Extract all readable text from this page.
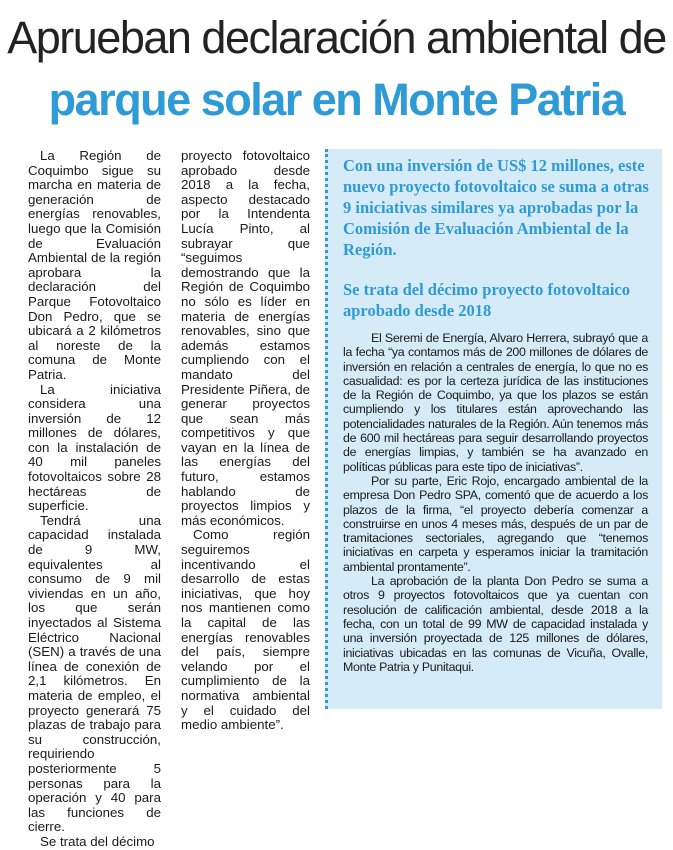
Aprueban declaración ambiental de
parque solar en Monte Patria

La Región de Coquimbo sigue su marcha en materia de generación de energías renovables, luego que la Comisión de Evaluación Ambiental de la región aprobara la declaración del Parque Fotovoltaico Don Pedro, que se ubicará a 2 kilómetros al noreste de la comuna de Monte Patria.

La iniciativa considera una inversión de 12 millones de dólares, con la instalación de 40 mil paneles fotovoltaicos sobre 28 hectáreas de superficie.

Tendrá una capacidad instalada de 9 MW, equivalentes al consumo de 9 mil viviendas en un año, los que serán inyectados al Sistema Eléctrico Nacional (SEN) a través de una línea de conexión de 2,1 kilómetros. En materia de empleo, el proyecto generará 75 plazas de trabajo para su construcción, requiriendo posteriormente 5 personas para la operación y 40 para las funciones de cierre.

Se trata del décimo

proyecto fotovoltaico aprobado desde 2018 a la fecha, aspecto destacado por la Intendenta Lucía Pinto, al subrayar que “seguimos demostrando que la Región de Coquimbo no sólo es líder en materia de energías renovables, sino que además estamos cumpliendo con el mandato del Presidente Piñera, de generar proyectos que sean más competitivos y que vayan en la línea de las energías del futuro, estamos hablando de proyectos limpios y más económicos.

Como región seguiremos incentivando el desarrollo de estas iniciativas, que hoy nos mantienen como la capital de las energías renovables del país, siempre velando por el cumplimiento de la normativa ambiental y el cuidado del medio ambiente”.

Con una inversión de US$ 12 millones, este nuevo proyecto fotovoltaico se suma a otras 9 iniciativas similares ya aprobadas por la Comisión de Evaluación Ambiental de la Región.

Se trata del décimo proyecto fotovoltaico aprobado desde 2018

El Seremi de Energía, Alvaro Herrera, subrayó que a la fecha “ya contamos más de 200 millones de dólares de inversión en relación a centrales de energía, lo que no es casualidad: es por la certeza jurídica de las instituciones de la Región de Coquimbo, ya que los plazos se están cumpliendo y los titulares están aprovechando las potencialidades naturales de la Región. Aún tenemos más de 600 mil hectáreas para seguir desarrollando proyectos de energías limpias, y también se ha avanzado en políticas públicas para este tipo de iniciativas”.

Por su parte, Eric Rojo, encargado ambiental de la empresa Don Pedro SPA, comentó que de acuerdo a los plazos de la firma, “el proyecto debería comenzar a construirse en unos 4 meses más, después de un par de tramitaciones sectoriales, agregando que “tenemos iniciativas en carpeta y esperamos iniciar la tramitación ambiental prontamente”.

La aprobación de la planta Don Pedro se suma a otros 9 proyectos fotovoltaicos que ya cuentan con resolución de calificación ambiental, desde 2018 a la fecha, con un total de 99 MW de capacidad instalada y una inversión proyectada de 125 millones de dólares, iniciativas ubicadas en las comunas de Vicuña, Ovalle, Monte Patria y Punitaqui.
